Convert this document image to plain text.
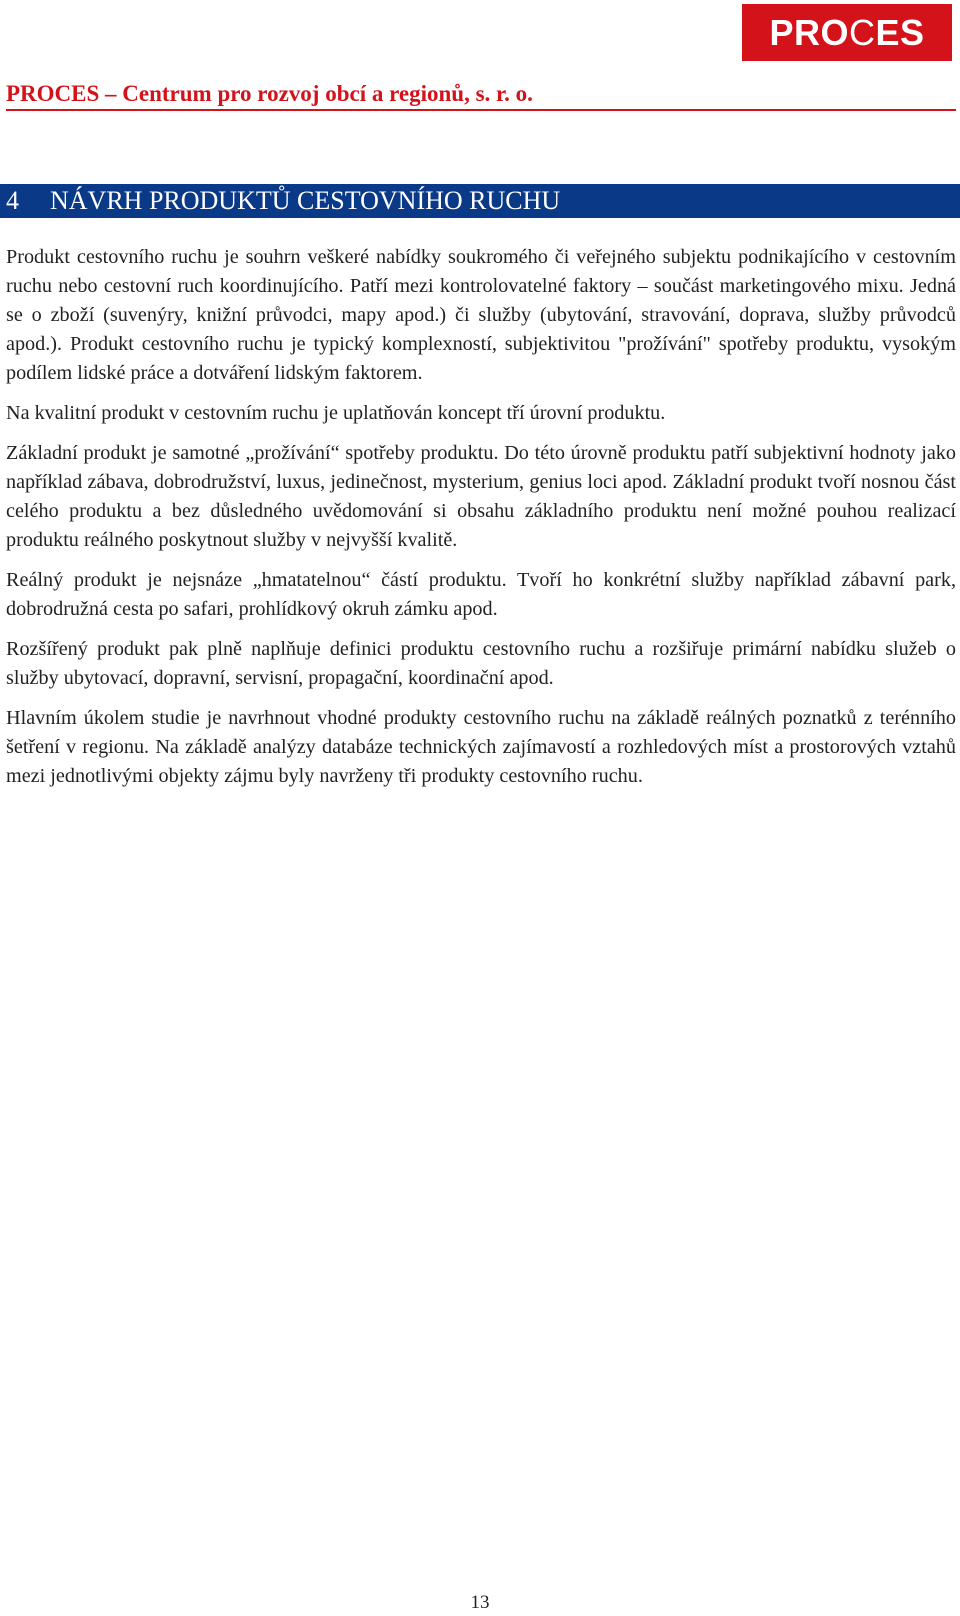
PROCES
PROCES – Centrum pro rozvoj obcí a regionů, s. r. o.
4 NÁVRH PRODUKTŮ CESTOVNÍHO RUCHU

Produkt cestovního ruchu je souhrn veškeré nabídky soukromého či veřejného subjektu podnikajícího v cestovním ruchu nebo cestovní ruch koordinujícího. Patří mezi kontrolovatelné faktory – součást marketingového mixu. Jedná se o zboží (suvenýry, knižní průvodci, mapy apod.) či služby (ubytování, stravování, doprava, služby průvodců apod.). Produkt cestovního ruchu je typický komplexností, subjektivitou "prožívání" spotřeby produktu, vysokým podílem lidské práce a dotváření lidským faktorem.

Na kvalitní produkt v cestovním ruchu je uplatňován koncept tří úrovní produktu.

Základní produkt je samotné „prožívání“ spotřeby produktu. Do této úrovně produktu patří subjektivní hodnoty jako například zábava, dobrodružství, luxus, jedinečnost, mysterium, genius loci apod. Základní produkt tvoří nosnou část celého produktu a bez důsledného uvědomování si obsahu základního produktu není možné pouhou realizací produktu reálného poskytnout služby v nejvyšší kvalitě.

Reálný produkt je nejsnáze „hmatatelnou“ částí produktu. Tvoří ho konkrétní služby například zábavní park, dobrodružná cesta po safari, prohlídkový okruh zámku apod.

Rozšířený produkt pak plně naplňuje definici produktu cestovního ruchu a rozšiřuje primární nabídku služeb o služby ubytovací, dopravní, servisní, propagační, koordinační apod.

Hlavním úkolem studie je navrhnout vhodné produkty cestovního ruchu na základě reálných poznatků z terénního šetření v regionu. Na základě analýzy databáze technických zajímavostí a rozhledových míst a prostorových vztahů mezi jednotlivými objekty zájmu byly navrženy tři produkty cestovního ruchu.

13
